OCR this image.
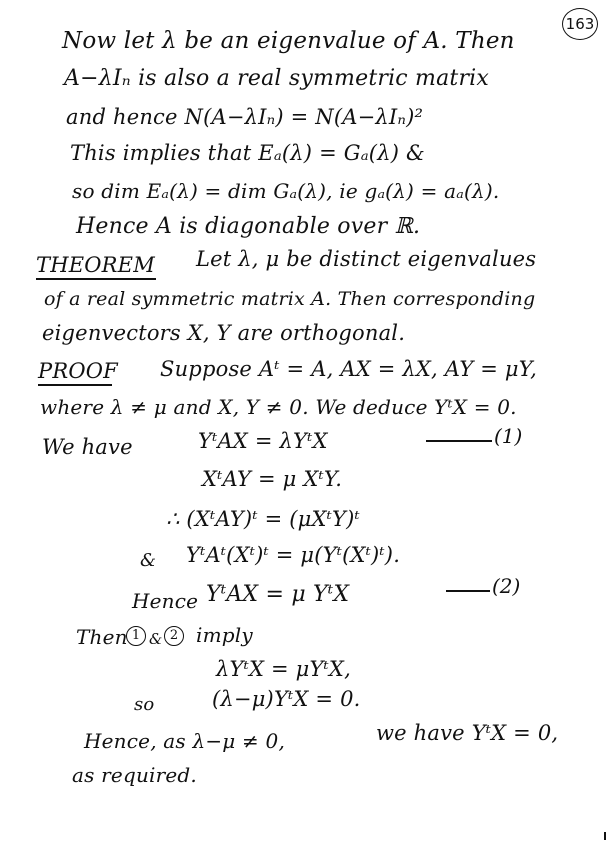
163
Now let λ be an eigenvalue of A. Then
A−λIₙ is also a real symmetric matrix
and hence N(A−λIₙ) = N(A−λIₙ)²
This implies that Eₐ(λ) = Gₐ(λ) &
so dim Eₐ(λ) = dim Gₐ(λ), ie gₐ(λ) = aₐ(λ).
Hence A is diagonable over ℝ.
THEOREM Let λ, μ be distinct eigenvalues
of a real symmetric matrix A. Then corresponding
eigenvectors X, Y are orthogonal.
PROOF Suppose Aᵗ = A, AX = λX, AY = μY,
where λ ≠ μ and X, Y ≠ 0. We deduce YᵗX = 0.
We have	YᵗAX = λYᵗX	(1)
XᵗAY = μ XᵗY.
∴ (XᵗAY)ᵗ = (μXᵗY)ᵗ
& YᵗAᵗ(Xᵗ)ᵗ = μ(Yᵗ(Xᵗ)ᵗ).
Hence YᵗAX = μ YᵗX	(2)
Then 1 & 2 imply
λYᵗX = μYᵗX,
so	(λ−μ)YᵗX = 0.
Hence, as λ−μ ≠ 0,	we have YᵗX = 0,
as required.
